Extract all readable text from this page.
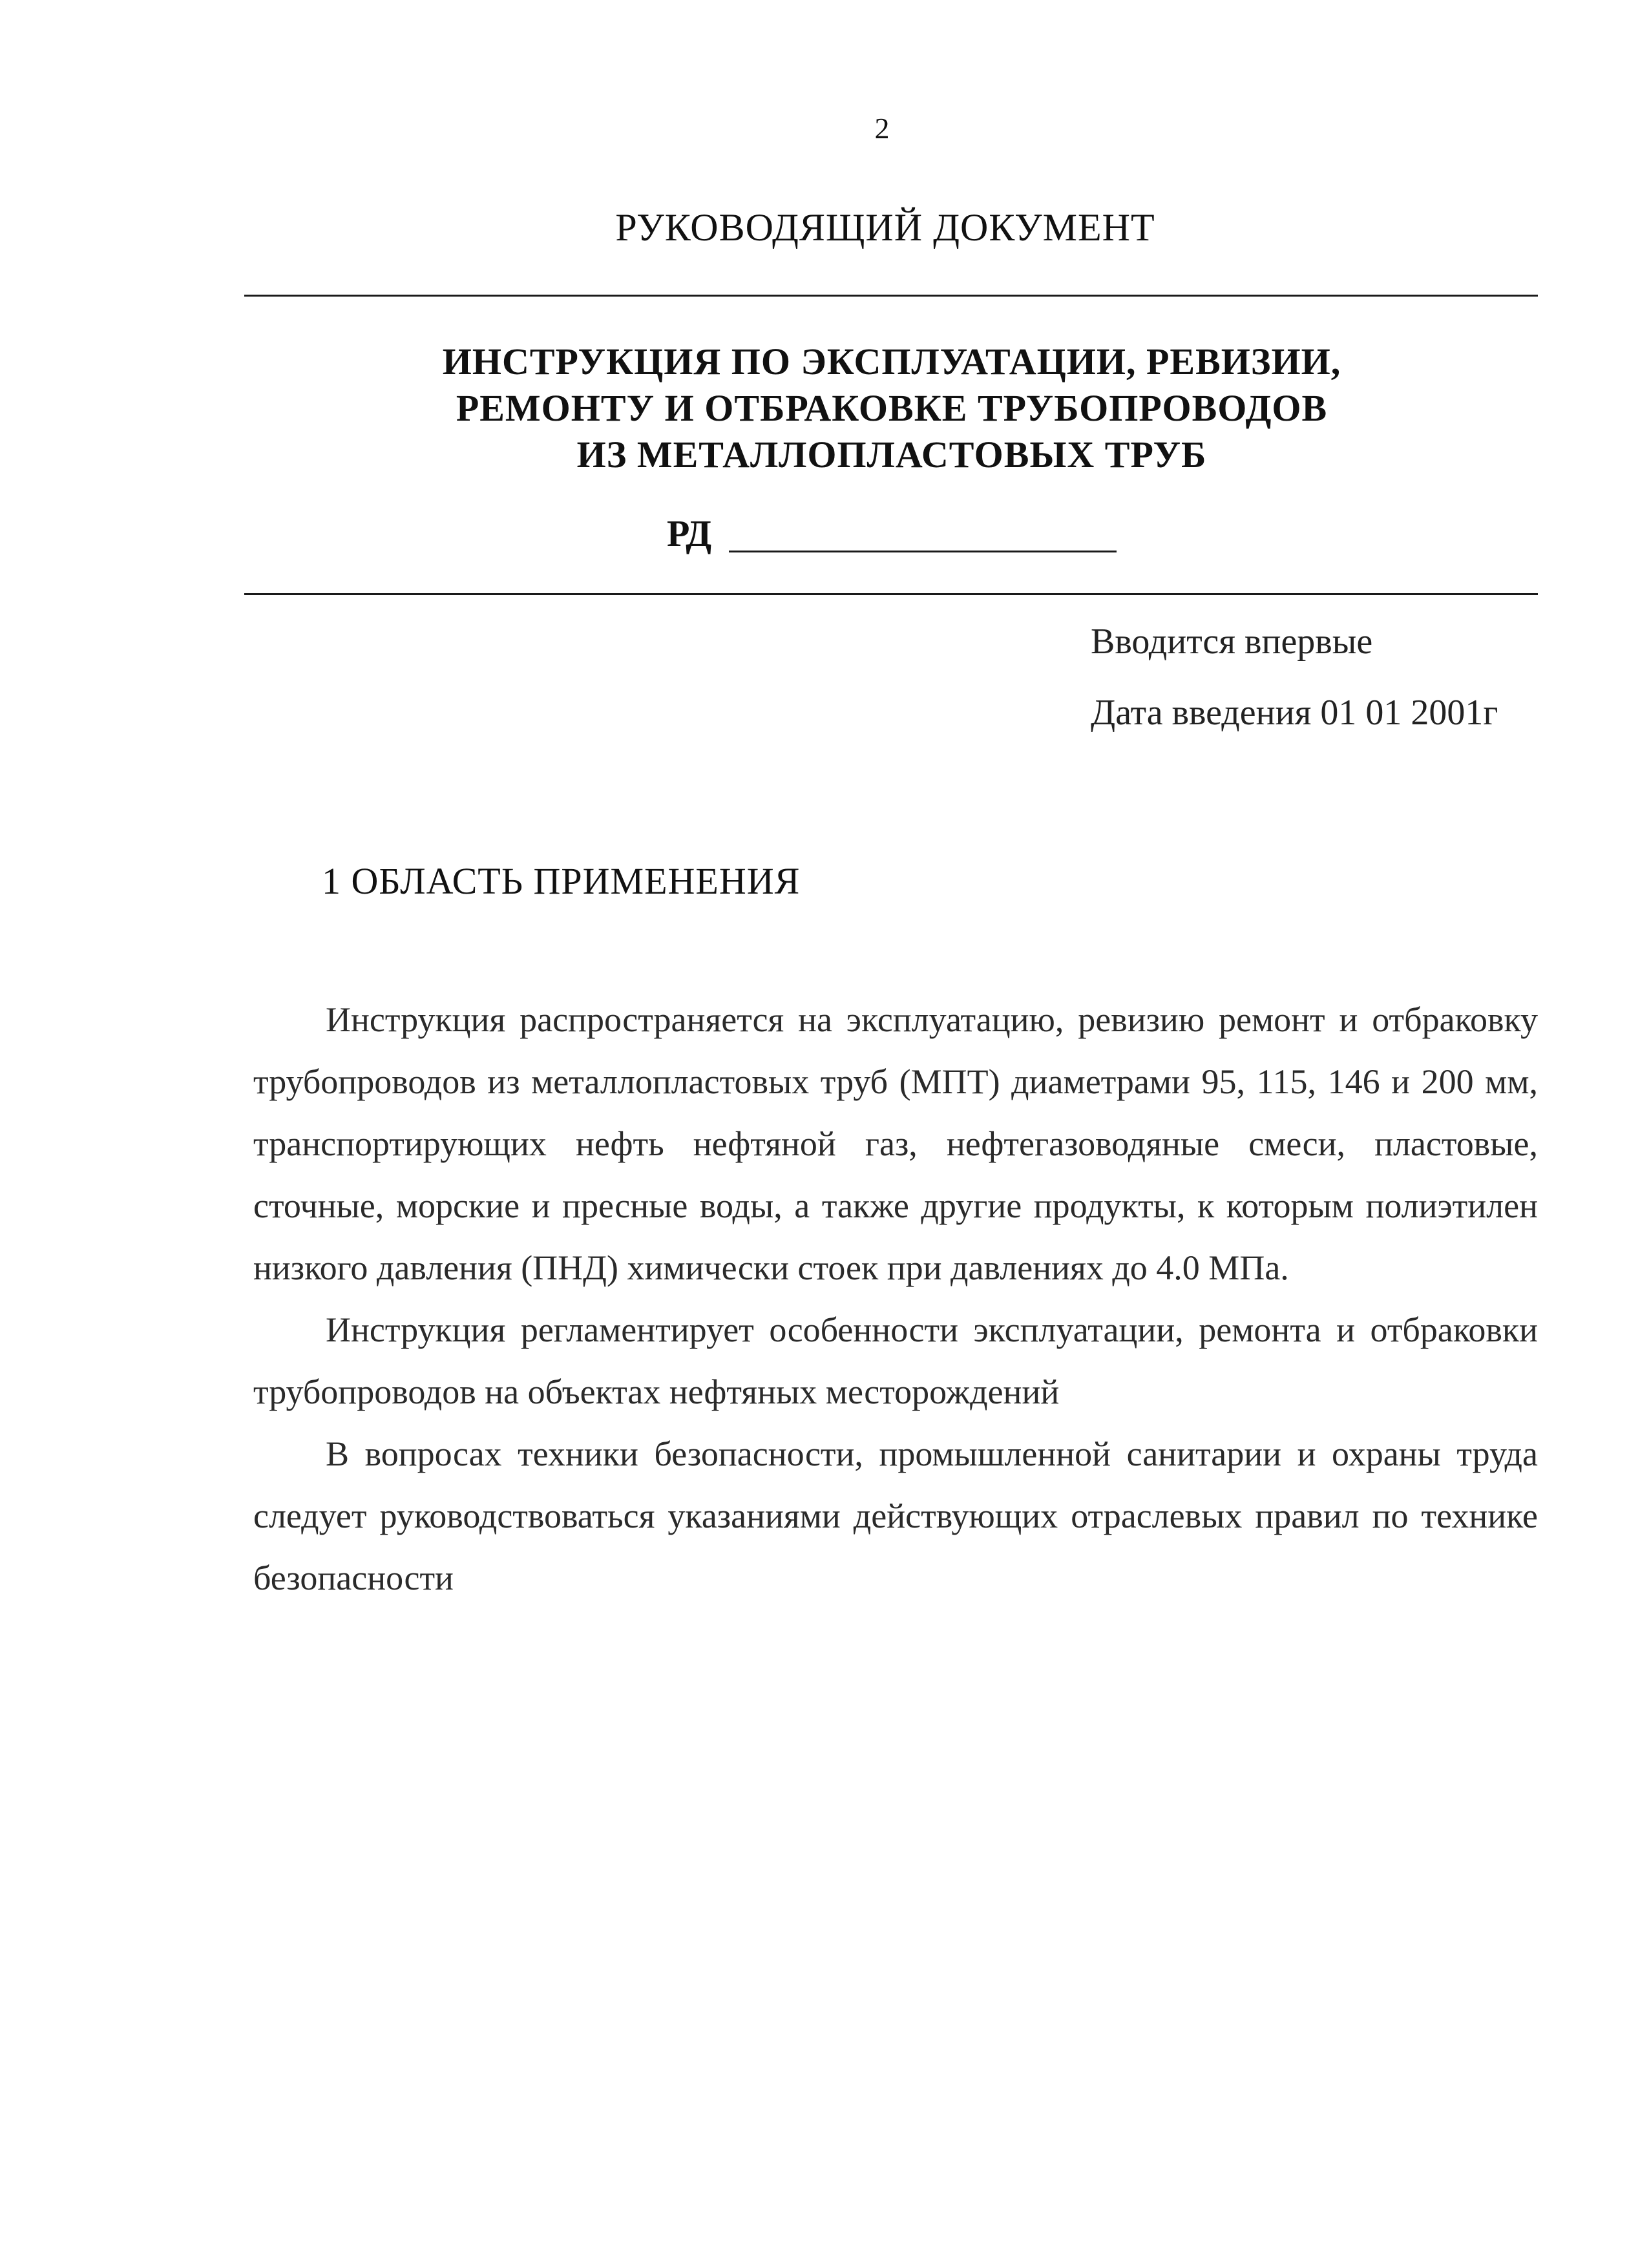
2
РУКОВОДЯЩИЙ ДОКУМЕНТ
ИНСТРУКЦИЯ ПО ЭКСПЛУАТАЦИИ, РЕВИЗИИ,
РЕМОНТУ И ОТБРАКОВКЕ ТРУБОПРОВОДОВ
ИЗ МЕТАЛЛОПЛАСТОВЫХ ТРУБ
РД
Вводится впервые
Дата введения 01 01 2001г
1 ОБЛАСТЬ ПРИМЕНЕНИЯ

Инструкция распространяется на эксплуатацию, ревизию ремонт и отбраковку трубопроводов из металлопластовых труб (МПТ) диаметрами 95, 115, 146 и 200 мм, транспортирующих нефть нефтяной газ, нефтегазоводяные смеси, пластовые, сточные, морские и пресные воды, а также другие продукты, к которым полиэтилен низкого давления (ПНД) химически стоек при давлениях до 4.0 МПа.

Инструкция регламентирует особенности эксплуатации, ремонта и отбраковки трубопроводов на объектах нефтяных месторождений

В вопросах техники безопасности, промышленной санитарии и охраны труда следует руководствоваться указаниями действующих отраслевых правил по технике безопасности
